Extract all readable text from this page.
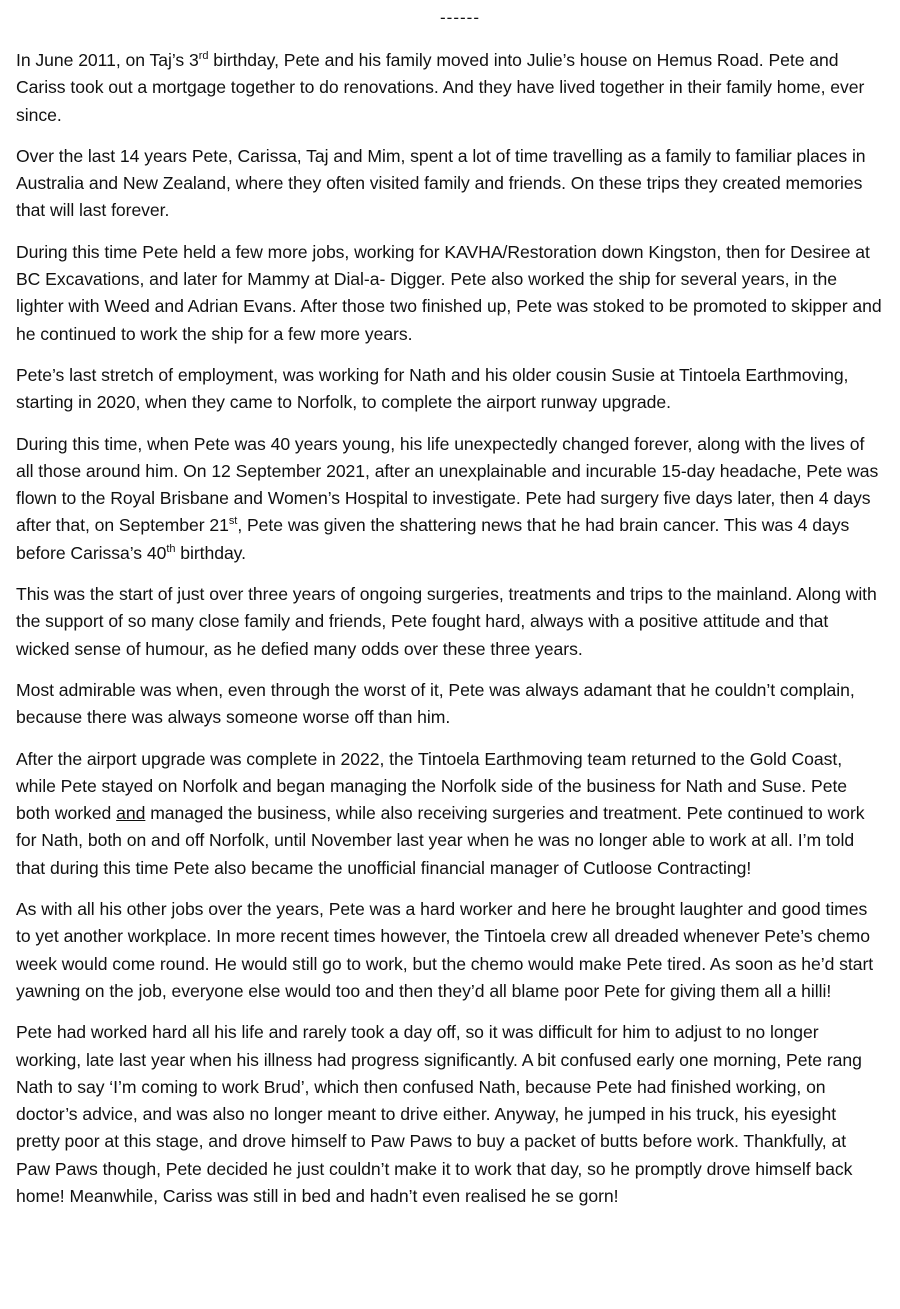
------

In June 2011, on Taj’s 3rd birthday, Pete and his family moved into Julie’s house on Hemus Road. Pete and Cariss took out a mortgage together to do renovations. And they have lived together in their family home, ever since.

Over the last 14 years Pete, Carissa, Taj and Mim, spent a lot of time travelling as a family to familiar places in Australia and New Zealand, where they often visited family and friends. On these trips they created memories that will last forever.

During this time Pete held a few more jobs, working for KAVHA/Restoration down Kingston, then for Desiree at BC Excavations, and later for Mammy at Dial-a- Digger. Pete also worked the ship for several years, in the lighter with Weed and Adrian Evans. After those two finished up, Pete was stoked to be promoted to skipper and he continued to work the ship for a few more years.

Pete’s last stretch of employment, was working for Nath and his older cousin Susie at Tintoela Earthmoving, starting in 2020, when they came to Norfolk, to complete the airport runway upgrade.

During this time, when Pete was 40 years young, his life unexpectedly changed forever, along with the lives of all those around him. On 12 September 2021, after an unexplainable and incurable 15-day headache, Pete was flown to the Royal Brisbane and Women’s Hospital to investigate. Pete had surgery five days later, then 4 days after that, on September 21st, Pete was given the shattering news that he had brain cancer. This was 4 days before Carissa’s 40th birthday.

This was the start of just over three years of ongoing surgeries, treatments and trips to the mainland. Along with the support of so many close family and friends, Pete fought hard, always with a positive attitude and that wicked sense of humour, as he defied many odds over these three years.

Most admirable was when, even through the worst of it, Pete was always adamant that he couldn’t complain, because there was always someone worse off than him.

After the airport upgrade was complete in 2022, the Tintoela Earthmoving team returned to the Gold Coast, while Pete stayed on Norfolk and began managing the Norfolk side of the business for Nath and Suse. Pete both worked and managed the business, while also receiving surgeries and treatment. Pete continued to work for Nath, both on and off Norfolk, until November last year when he was no longer able to work at all. I’m told that during this time Pete also became the unofficial financial manager of Cutloose Contracting!

As with all his other jobs over the years, Pete was a hard worker and here he brought laughter and good times to yet another workplace. In more recent times however, the Tintoela crew all dreaded whenever Pete’s chemo week would come round. He would still go to work, but the chemo would make Pete tired. As soon as he’d start yawning on the job, everyone else would too and then they’d all blame poor Pete for giving them all a hilli!

Pete had worked hard all his life and rarely took a day off, so it was difficult for him to adjust to no longer working, late last year when his illness had progress significantly. A bit confused early one morning, Pete rang Nath to say ‘I’m coming to work Brud’, which then confused Nath, because Pete had finished working, on doctor’s advice, and was also no longer meant to drive either. Anyway, he jumped in his truck, his eyesight pretty poor at this stage, and drove himself to Paw Paws to buy a packet of butts before work. Thankfully, at Paw Paws though, Pete decided he just couldn’t make it to work that day, so he promptly drove himself back home! Meanwhile, Cariss was still in bed and hadn’t even realised he se gorn!
